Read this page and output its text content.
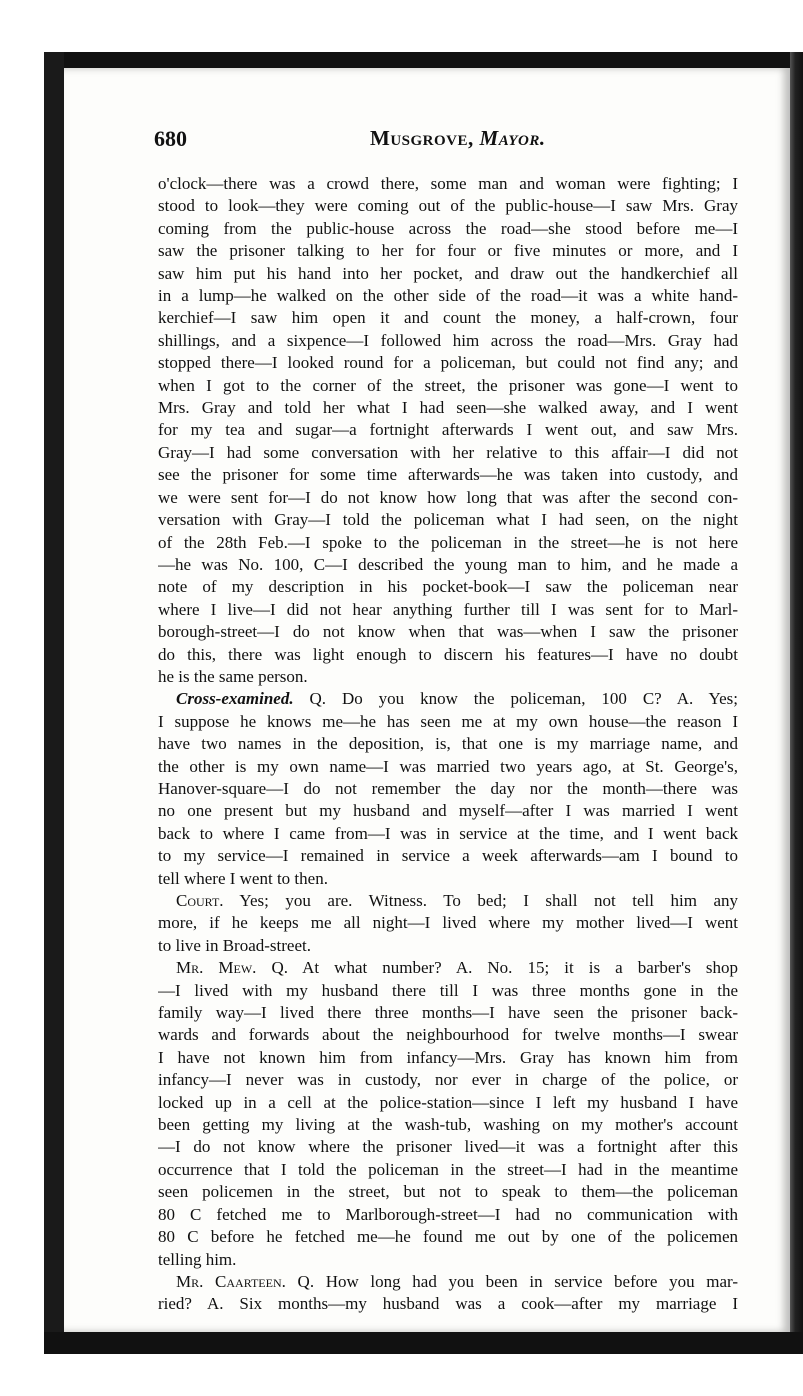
680	Musgrove, Mayor.
o'clock—there was a crowd there, some man and woman were fighting; I
stood to look—they were coming out of the public-house—I saw Mrs. Gray
coming from the public-house across the road—she stood before me—I
saw the prisoner talking to her for four or five minutes or more, and I
saw him put his hand into her pocket, and draw out the handkerchief all
in a lump—he walked on the other side of the road—it was a white hand-
kerchief—I saw him open it and count the money, a half-crown, four
shillings, and a sixpence—I followed him across the road—Mrs. Gray had
stopped there—I looked round for a policeman, but could not find any; and
when I got to the corner of the street, the prisoner was gone—I went to
Mrs. Gray and told her what I had seen—she walked away, and I went
for my tea and sugar—a fortnight afterwards I went out, and saw Mrs.
Gray—I had some conversation with her relative to this affair—I did not
see the prisoner for some time afterwards—he was taken into custody, and
we were sent for—I do not know how long that was after the second con-
versation with Gray—I told the policeman what I had seen, on the night
of the 28th Feb.—I spoke to the policeman in the street—he is not here
—he was No. 100, C—I described the young man to him, and he made a
note of my description in his pocket-book—I saw the policeman near
where I live—I did not hear anything further till I was sent for to Marl-
borough-street—I do not know when that was—when I saw the prisoner
do this, there was light enough to discern his features—I have no doubt
he is the same person.
Cross-examined. Q. Do you know the policeman, 100 C? A. Yes;
I suppose he knows me—he has seen me at my own house—the reason I
have two names in the deposition, is, that one is my marriage name, and
the other is my own name—I was married two years ago, at St. George's,
Hanover-square—I do not remember the day nor the month—there was
no one present but my husband and myself—after I was married I went
back to where I came from—I was in service at the time, and I went back
to my service—I remained in service a week afterwards—am I bound to
tell where I went to then.
Court. Yes; you are. Witness. To bed; I shall not tell him any
more, if he keeps me all night—I lived where my mother lived—I went
to live in Broad-street.
Mr. Mew. Q. At what number? A. No. 15; it is a barber's shop
—I lived with my husband there till I was three months gone in the
family way—I lived there three months—I have seen the prisoner back-
wards and forwards about the neighbourhood for twelve months—I swear
I have not known him from infancy—Mrs. Gray has known him from
infancy—I never was in custody, nor ever in charge of the police, or
locked up in a cell at the police-station—since I left my husband I have
been getting my living at the wash-tub, washing on my mother's account
—I do not know where the prisoner lived—it was a fortnight after this
occurrence that I told the policeman in the street—I had in the meantime
seen policemen in the street, but not to speak to them—the policeman
80 C fetched me to Marlborough-street—I had no communication with
80 C before he fetched me—he found me out by one of the policemen
telling him.
Mr. Caarteen. Q. How long had you been in service before you mar-
ried? A. Six months—my husband was a cook—after my marriage I
